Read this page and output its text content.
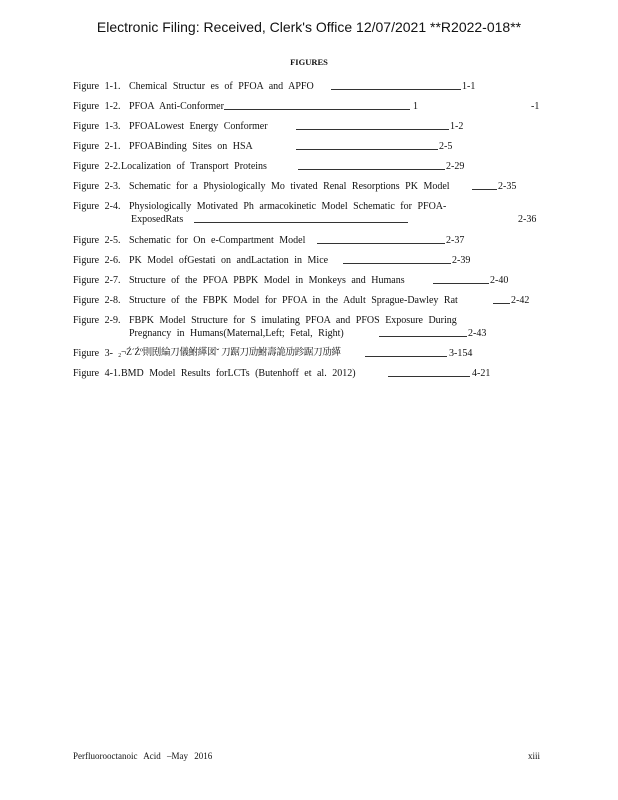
Electronic Filing: Received, Clerk's Office 12/07/2021 **R2022-018**
FIGURES
Figure 1-1. Chemical Structur es of PFOA and APFO	1-1
Figure 1-2. PFOA Anti-Conformer	1	-1
Figure 1-3. PFOALowest Energy Conformer	1-2
Figure 2-1. PFOABinding Sites on HSA	2-5
Figure 2-2. Localization of Transport Proteins	2-29
Figure 2-3. Schematic for a Physiologically Mo tivated Renal Resorptions PK Model	2-35
Figure 2-4. Physiologically Motivated Ph armacokinetic Model Schematic for PFOA-
ExposedRats	2-36
Figure 2-5. Schematic for On e-Compartment Model	2-37
Figure 2-6. PK Model ofGestati on andLactation in Mice	2-39
Figure 2-7. Structure of the PFOA PBPK Model in Monkeys and Humans	2-40
Figure 2-8. Structure of the FBPK Model for PFOA in the Adult Sprague-Dawley Rat	2-42
Figure 2-9. FBPK Model Structure for S imulating PFOA and PFOS Exposure During
Pregnancy in Humans(Maternal,Left; Fetal, Right)	2-43
Figure 3- ₂¬Ź´Źº則刡綸刀儀鮒緙図ˇ 刀踞刀劢鮒壽詭劢跈踞刀劢緙	3-154
Figure 4-1. BMD Model Results forLCTs (Butenhoff et al. 2012)	4-21
Perfluorooctanoic Acid –May 2016	xiii
